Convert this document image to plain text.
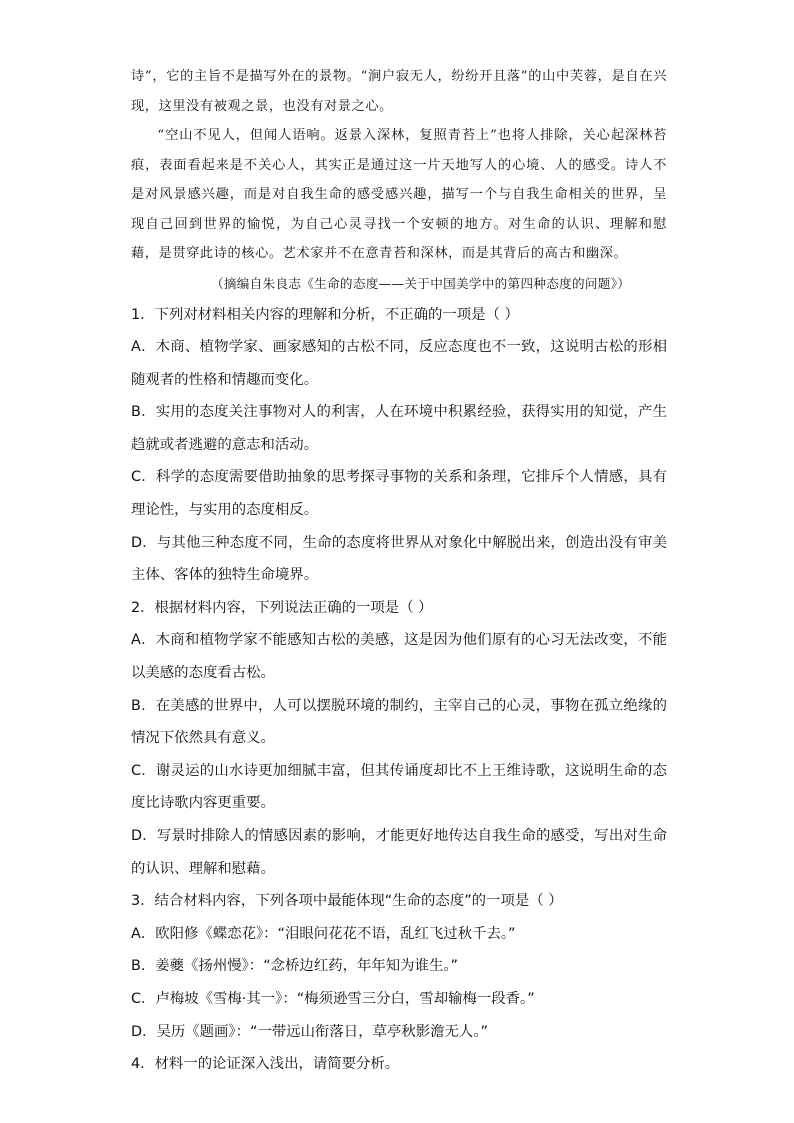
诗”，它的主旨不是描写外在的景物。“涧户寂无人，纷纷开且落”的山中芙蓉，是自在兴现，这里没有被观之景，也没有对景之心。

“空山不见人，但闻人语响。返景入深林，复照青苔上”也将人排除，关心起深林苔痕，表面看起来是不关心人，其实正是通过这一片天地写人的心境、人的感受。诗人不是对风景感兴趣，而是对自我生命的感受感兴趣，描写一个与自我生命相关的世界，呈现自己回到世界的愉悦，为自己心灵寻找一个安顿的地方。对生命的认识、理解和慰藉，是贯穿此诗的核心。艺术家并不在意青苔和深林，而是其背后的高古和幽深。

（摘编自朱良志《生命的态度——关于中国美学中的第四种态度的问题》）

1．下列对材料相关内容的理解和分析，不正确的一项是（ ）

A．木商、植物学家、画家感知的古松不同，反应态度也不一致，这说明古松的形相随观者的性格和情趣而变化。

B．实用的态度关注事物对人的利害，人在环境中积累经验，获得实用的知觉，产生趋就或者逃避的意志和活动。

C．科学的态度需要借助抽象的思考探寻事物的关系和条理，它排斥个人情感，具有理论性，与实用的态度相反。

D．与其他三种态度不同，生命的态度将世界从对象化中解脱出来，创造出没有审美主体、客体的独特生命境界。

2．根据材料内容，下列说法正确的一项是（ ）

A．木商和植物学家不能感知古松的美感，这是因为他们原有的心习无法改变，不能以美感的态度看古松。

B．在美感的世界中，人可以摆脱环境的制约，主宰自己的心灵，事物在孤立绝缘的情况下依然具有意义。

C．谢灵运的山水诗更加细腻丰富，但其传诵度却比不上王维诗歌，这说明生命的态度比诗歌内容更重要。

D．写景时排除人的情感因素的影响，才能更好地传达自我生命的感受，写出对生命的认识、理解和慰藉。

3．结合材料内容，下列各项中最能体现“生命的态度”的一项是（ ）

A．欧阳修《蝶恋花》：“泪眼问花花不语，乱红飞过秋千去。”

B．姜夔《扬州慢》：“念桥边红药，年年知为谁生。”

C．卢梅坡《雪梅·其一》：“梅须逊雪三分白，雪却输梅一段香。”

D．吴历《题画》：“一带远山衔落日，草亭秋影澹无人。”

4．材料一的论证深入浅出，请简要分析。
